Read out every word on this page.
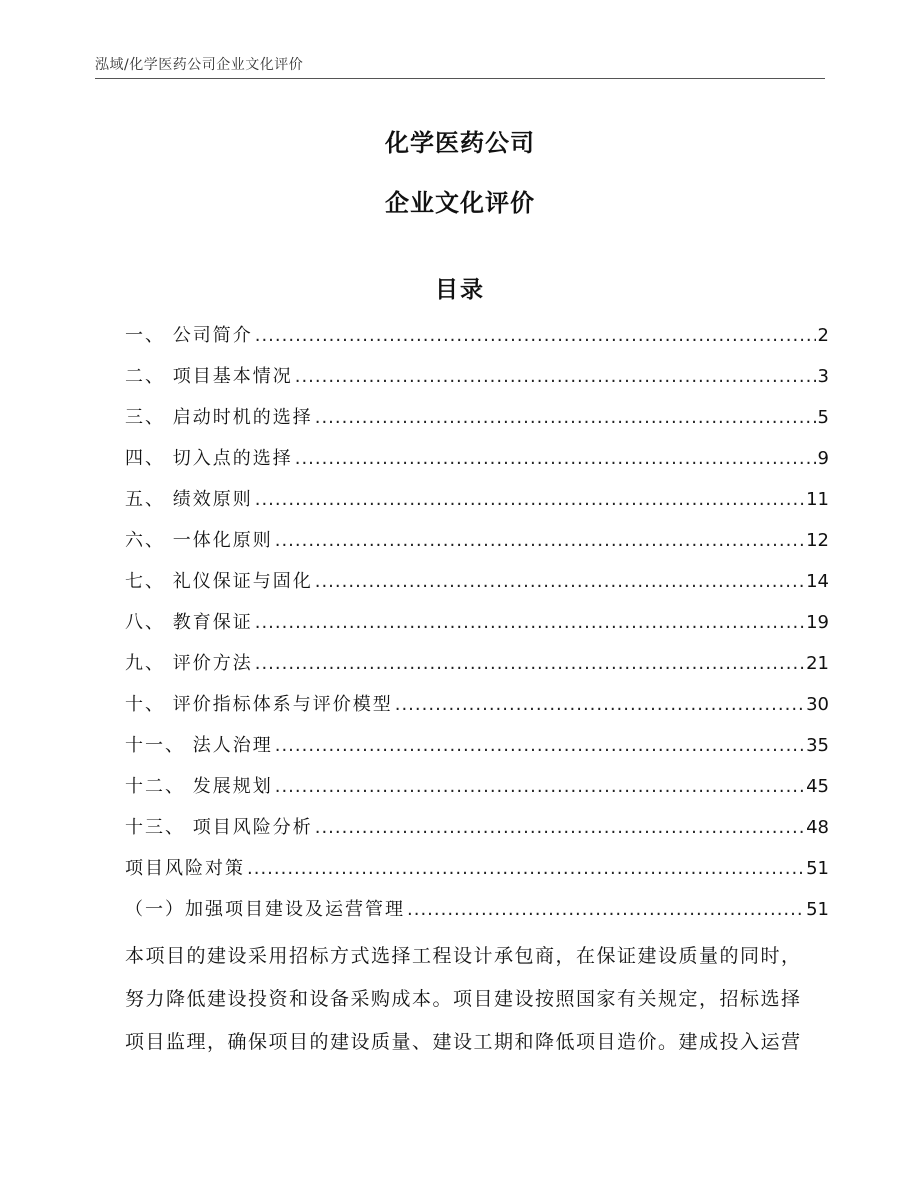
泓域/化学医药公司企业文化评价
化学医药公司
企业文化评价
目录
一、 公司简介 .....	2
二、 项目基本情况 .....	3
三、 启动时机的选择 .....	5
四、 切入点的选择 .....	9
五、 绩效原则 .....	11
六、 一体化原则 .....	12
七、 礼仪保证与固化 .....	14
八、 教育保证 .....	19
九、 评价方法 .....	21
十、 评价指标体系与评价模型 .....	30
十一、 法人治理 .....	35
十二、 发展规划 .....	45
十三、 项目风险分析 .....	48
项目风险对策 .....	51
（一）加强项目建设及运营管理 .....	51
本项目的建设采用招标方式选择工程设计承包商，在保证建设质量的同时，
努力降低建设投资和设备采购成本。项目建设按照国家有关规定，招标选择
项目监理，确保项目的建设质量、建设工期和降低项目造价。建成投入运营
